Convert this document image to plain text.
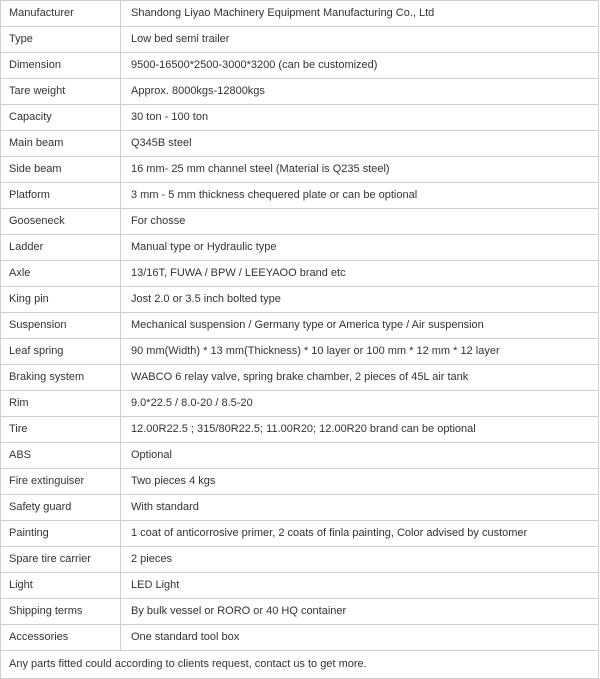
Manufacturer	Shandong Liyao Machinery Equipment Manufacturing Co., Ltd
Type	Low bed semi trailer
Dimension	9500-16500*2500-3000*3200 (can be customized)
Tare weight	Approx. 8000kgs-12800kgs
Capacity	30 ton - 100 ton
Main beam	Q345B steel
Side beam	16 mm- 25 mm channel steel (Material is Q235 steel)
Platform	3 mm - 5 mm thickness chequered plate or can be optional
Gooseneck	For chosse
Ladder	Manual type or Hydraulic type
Axle	13/16T, FUWA / BPW / LEEYAOO brand etc
King pin	Jost 2.0 or 3.5 inch bolted type
Suspension	Mechanical suspension / Germany type or America type / Air suspension
Leaf spring	90 mm(Width) * 13 mm(Thickness) * 10 layer or 100 mm * 12 mm * 12 layer
Braking system	WABCO 6 relay valve, spring brake chamber, 2 pieces of 45L air tank
Rim	9.0*22.5 / 8.0-20 / 8.5-20
Tire	12.00R22.5 ; 315/80R22.5; 11.00R20; 12.00R20 brand can be optional
ABS	Optional
Fire extinguiser	Two pieces 4 kgs
Safety guard	With standard
Painting	1 coat of anticorrosive primer, 2 coats of finla painting, Color advised by customer
Spare tire carrier	2 pieces
Light	LED Light
Shipping terms	By bulk vessel or RORO or 40 HQ container
Accessories	One standard tool box
Any parts fitted could according to clients request, contact us to get more.	
